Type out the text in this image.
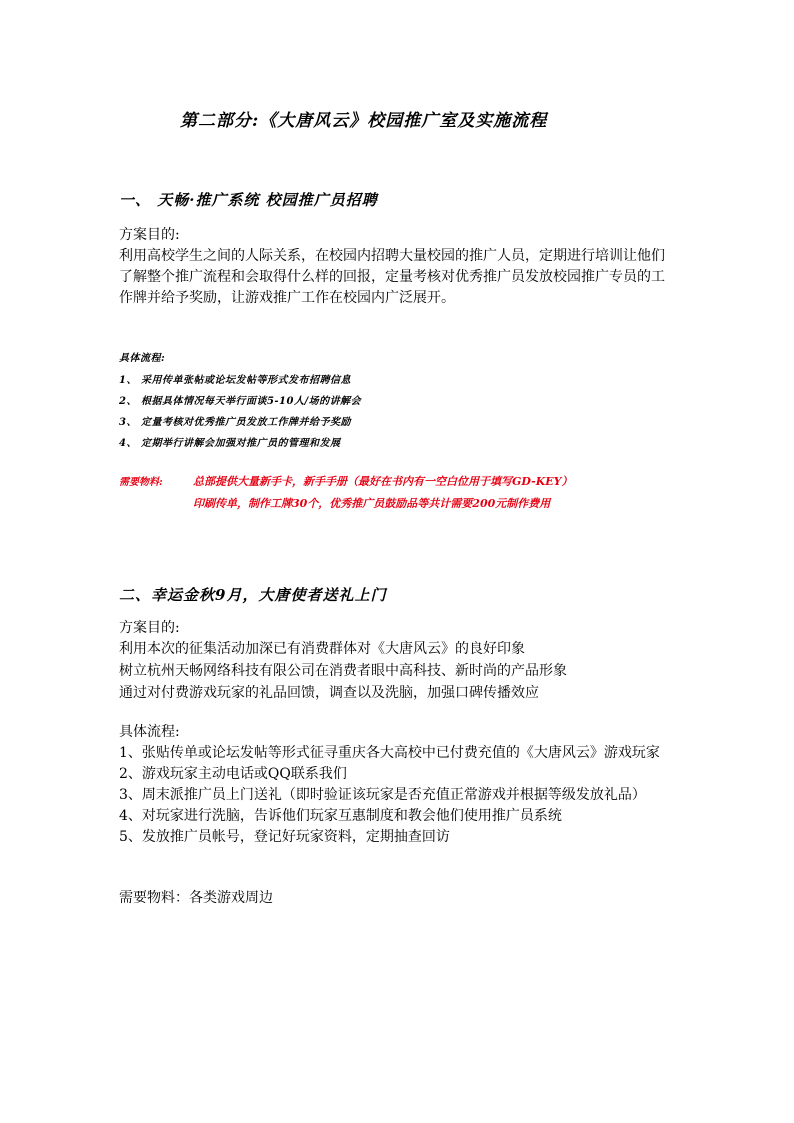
第二部分:《大唐风云》校园推广室及实施流程
一、 天畅·推广系统 校园推广员招聘
方案目的:
利用高校学生之间的人际关系，在校园内招聘大量校园的推广人员，定期进行培训让他们
了解整个推广流程和会取得什么样的回报，定量考核对优秀推广员发放校园推广专员的工
作牌并给予奖励，让游戏推广工作在校园内广泛展开。
具体流程:
1、 采用传单张帖或论坛发帖等形式发布招聘信息
2、 根据具体情况每天举行面谈5-10人/场的讲解会
3、 定量考核对优秀推广员发放工作牌并给予奖励
4、 定期举行讲解会加强对推广员的管理和发展
需要物料:	总部提供大量新手卡，新手手册（最好在书内有一空白位用于填写GD-KEY）
印刷传单，制作工牌30个，优秀推广员鼓励品等共计需要200元制作费用
二、幸运金秋9月，大唐使者送礼上门
方案目的:
利用本次的征集活动加深已有消费群体对《大唐风云》的良好印象
树立杭州天畅网络科技有限公司在消费者眼中高科技、新时尚的产品形象
通过对付费游戏玩家的礼品回馈，调查以及洗脑，加强口碑传播效应
具体流程:
1、张贴传单或论坛发帖等形式征寻重庆各大高校中已付费充值的《大唐风云》游戏玩家
2、游戏玩家主动电话或QQ联系我们
3、周末派推广员上门送礼（即时验证该玩家是否充值正常游戏并根据等级发放礼品）
4、对玩家进行洗脑，告诉他们玩家互惠制度和教会他们使用推广员系统
5、发放推广员帐号，登记好玩家资料，定期抽查回访
需要物料：各类游戏周边
